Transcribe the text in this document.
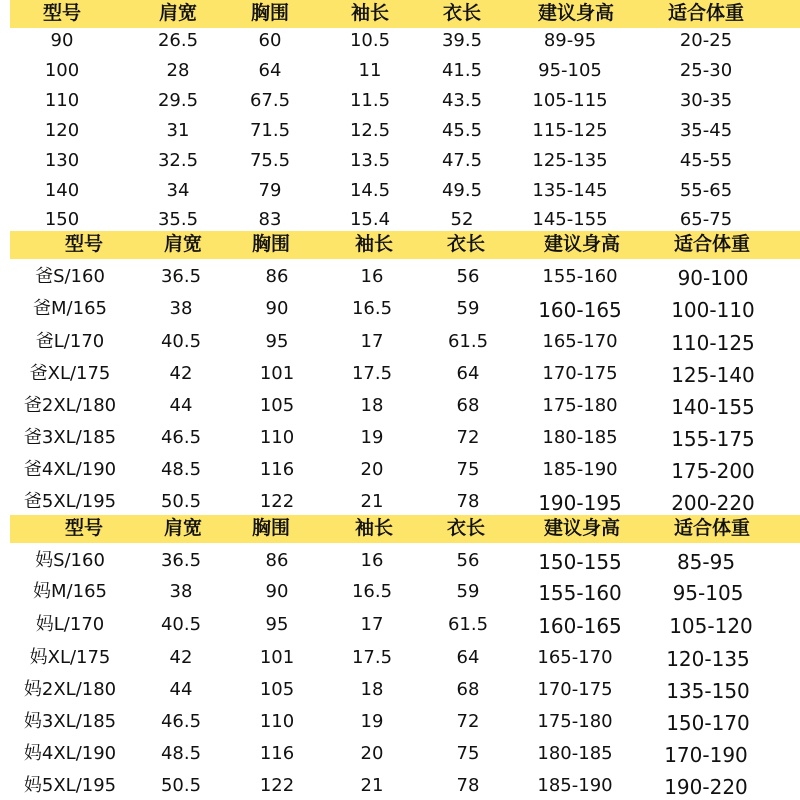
型号	肩宽	胸围	袖长	衣长	建议身高	适合体重
90	26.5	60	10.5	39.5	89-95	20-25
100	28	64	11	41.5	95-105	25-30
110	29.5	67.5	11.5	43.5	105-115	30-35
120	31	71.5	12.5	45.5	115-125	35-45
130	32.5	75.5	13.5	47.5	125-135	45-55
140	34	79	14.5	49.5	135-145	55-65
150	35.5	83	15.4	52	145-155	65-75
型号	肩宽	胸围	袖长	衣长	建议身高	适合体重
爸S/160	36.5	86	16	56	155-160	90-100
爸M/165	38	90	16.5	59	160-165 100-110
爸L/170	40.5	95	17	61.5	165-170	110-125
爸XL/175	42	101	17.5	64	170-175	125-140
爸2XL/180	44	105	18	68	175-180	140-155
爸3XL/185 46.5	110	19	72	180-185	155-175
爸4XL/190 48.5	116	20	75	185-190	175-200
爸5XL/195 50.5	122	21	78	190-195 200-220
型号	肩宽	胸围	袖长	衣长	建议身高	适合体重
妈S/160	36.5	86	16	56	150-155	85-95
妈M/165	38	90	16.5	59	155-160	95-105
妈L/170	40.5	95	17	61.5	160-165 105-120
妈XL/175	42	101	17.5	64	165-170	120-135
妈2XL/180	44	105	18	68	170-175	135-150
妈3XL/185 46.5	110	19	72	175-180	150-170
妈4XL/190 48.5	116	20	75	180-185	170-190
妈5XL/195 50.5	122	21	78	185-190	190-220
